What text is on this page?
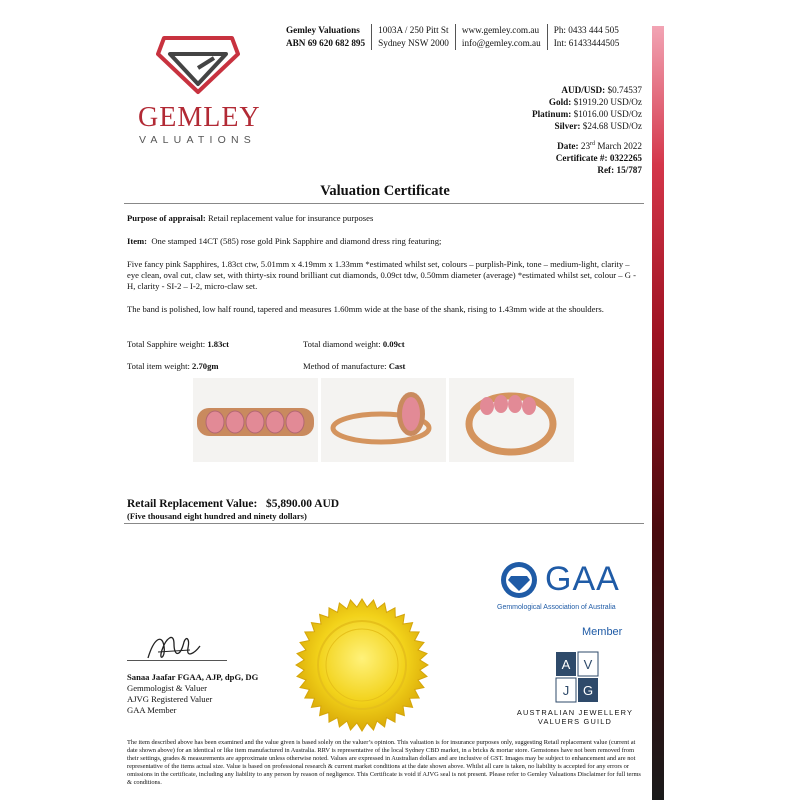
GEMLEY
VALUATIONS
Gemley Valuations
ABN 69 620 682 895
1003A / 250 Pitt St
Sydney NSW 2000
www.gemley.com.au
info@gemley.com.au
Ph: 0433 444 505
Int: 61433444505
AUD/USD: $0.74537
Gold: $1919.20 USD/Oz
Platinum: $1016.00 USD/Oz
Silver: $24.68 USD/Oz
Date: 23rd March 2022
Certificate #: 0322265
Ref: 15/787
Valuation Certificate
Purpose of appraisal: Retail replacement value for insurance purposes
Item: One stamped 14CT (585) rose gold Pink Sapphire and diamond dress ring featuring;
Five fancy pink Sapphires, 1.83ct ctw, 5.01mm x 4.19mm x 1.33mm *estimated whilst set, colours – purplish-Pink, tone – medium-light, clarity – eye clean, oval cut, claw set, with thirty-six round brilliant cut diamonds, 0.09ct tdw, 0.50mm diameter (average) *estimated whilst set, colour – G - H, clarity - SI-2 – I-2, micro-claw set.
The band is polished, low half round, tapered and measures 1.60mm wide at the base of the shank, rising to 1.43mm wide at the shoulders.
Total Sapphire weight: 1.83ct	Total diamond weight: 0.09ct
Total item weight: 2.70gm	Method of manufacture: Cast
Retail Replacement Value: $5,890.00 AUD
(Five thousand eight hundred and ninety dollars)
GAA
Gemmological Association of Australia
Member
A V
J G
AUSTRALIAN JEWELLERY
VALUERS GUILD
Sanaa Jaafar FGAA, AJP, dpG, DG
Gemmologist & Valuer
AJVG Registered Valuer
GAA Member
The item described above has been examined and the value given is based solely on the valuer’s opinion. This valuation is for insurance purposes only, suggesting Retail replacement value (current at date shown above) for an identical or like item manufactured in Australia. RRV is representative of the local Sydney CBD market, in a bricks & mortar store. Gemstones have not been removed from their settings, grades & measurements are approximate unless otherwise noted. Values are expressed in Australian dollars and are inclusive of GST. Images may be subject to enhancement and are not representative of the items actual size. Value is based on professional research & current market conditions at the date shown above. Whilst all care is taken, no liability is accepted for any errors or omissions in the certificate, including any liability to any person by reason of negligence. This Certificate is void if AJVG seal is not present. Please refer to Gemley Valuations Disclaimer for full terms & conditions.
